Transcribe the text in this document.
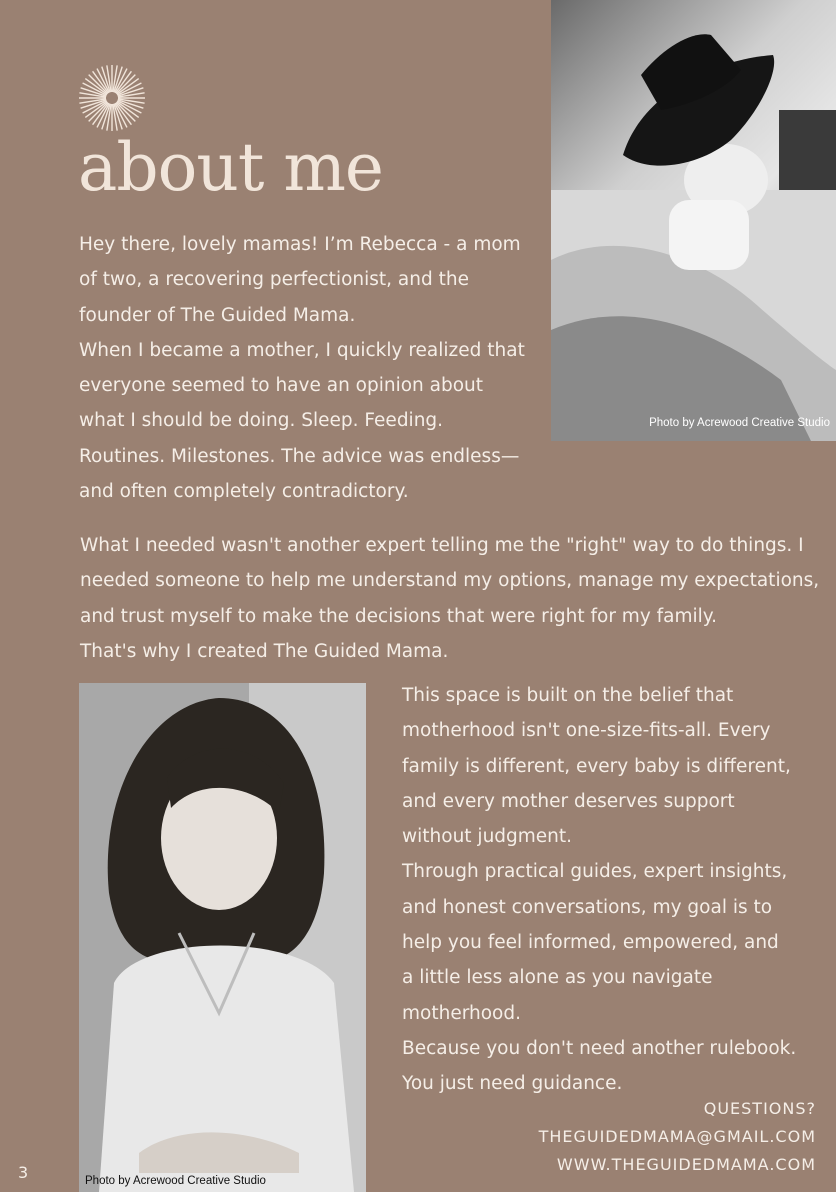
about me

Hey there, lovely mamas! I’m Rebecca - a mom
of two, a recovering perfectionist, and the
founder of The Guided Mama.
When I became a mother, I quickly realized that
everyone seemed to have an opinion about
what I should be doing. Sleep. Feeding.
Routines. Milestones. The advice was endless—
and often completely contradictory.

What I needed wasn't another expert telling me the "right" way to do things. I
needed someone to help me understand my options, manage my expectations,
and trust myself to make the decisions that were right for my family.
That's why I created The Guided Mama.

This space is built on the belief that
motherhood isn't one-size-fits-all. Every
family is different, every baby is different,
and every mother deserves support
without judgment.
Through practical guides, expert insights,
and honest conversations, my goal is to
help you feel informed, empowered, and
a little less alone as you navigate
motherhood.
Because you don't need another rulebook.
You just need guidance.

Photo by Acrewood Creative Studio
Photo by Acrewood Creative Studio
QUESTIONS?
THEGUIDEDMAMA@GMAIL.COM
WWW.THEGUIDEDMAMA.COM
3
